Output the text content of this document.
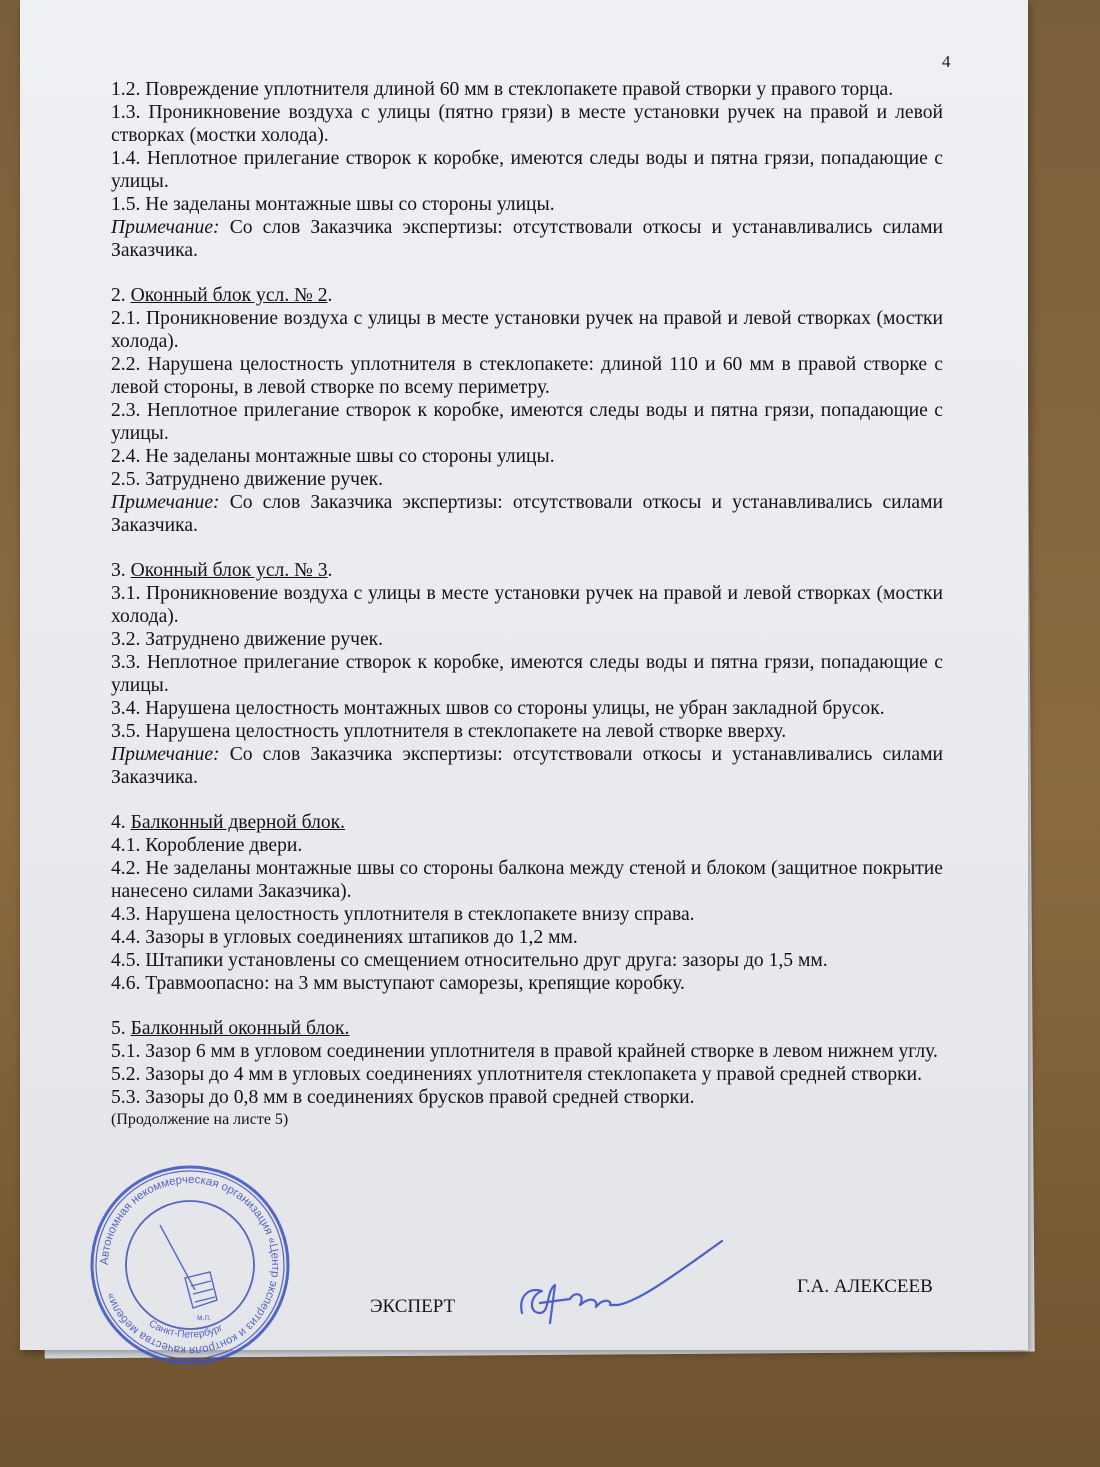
4

1.2. Повреждение уплотнителя длиной 60 мм в стеклопакете правой створки у правого торца.

1.3. Проникновение воздуха с улицы (пятно грязи) в месте установки ручек на правой и левой створках (мостки холода).

1.4. Неплотное прилегание створок к коробке, имеются следы воды и пятна грязи, попадающие с улицы.

1.5. Не заделаны монтажные швы со стороны улицы.

Примечание: Со слов Заказчика экспертизы: отсутствовали откосы и устанавливались силами Заказчика.

2. Оконный блок усл. № 2.

2.1. Проникновение воздуха с улицы в месте установки ручек на правой и левой створках (мостки холода).

2.2. Нарушена целостность уплотнителя в стеклопакете: длиной 110 и 60 мм в правой створке с левой стороны, в левой створке по всему периметру.

2.3. Неплотное прилегание створок к коробке, имеются следы воды и пятна грязи, попадающие с улицы.

2.4. Не заделаны монтажные швы со стороны улицы.

2.5. Затруднено движение ручек.

Примечание: Со слов Заказчика экспертизы: отсутствовали откосы и устанавливались силами Заказчика.

3. Оконный блок усл. № 3.

3.1. Проникновение воздуха с улицы в месте установки ручек на правой и левой створках (мостки холода).

3.2. Затруднено движение ручек.

3.3. Неплотное прилегание створок к коробке, имеются следы воды и пятна грязи, попадающие с улицы.

3.4. Нарушена целостность монтажных швов со стороны улицы, не убран закладной брусок.

3.5. Нарушена целостность уплотнителя в стеклопакете на левой створке вверху.

Примечание: Со слов Заказчика экспертизы: отсутствовали откосы и устанавливались силами Заказчика.

4. Балконный дверной блок.

4.1. Коробление двери.

4.2. Не заделаны монтажные швы со стороны балкона между стеной и блоком (защитное покрытие нанесено силами Заказчика).

4.3. Нарушена целостность уплотнителя в стеклопакете внизу справа.

4.4. Зазоры в угловых соединениях штапиков до 1,2 мм.

4.5. Штапики установлены со смещением относительно друг друга: зазоры до 1,5 мм.

4.6. Травмоопасно: на 3 мм выступают саморезы, крепящие коробку.

5. Балконный оконный блок.

5.1. Зазор 6 мм в угловом соединении уплотнителя в правой крайней створке в левом нижнем углу.

5.2. Зазоры до 4 мм в угловых соединениях уплотнителя стеклопакета у правой средней створки.

5.3. Зазоры до 0,8 мм в соединениях брусков правой средней створки.

(Продолжение на листе 5)

Автономная некоммерческая организация «Центр экспертиз и контроля качества мебели»
Санкт-Петербург
м.п.
ЭКСПЕРТ
Г.А. АЛЕКСЕЕВ
